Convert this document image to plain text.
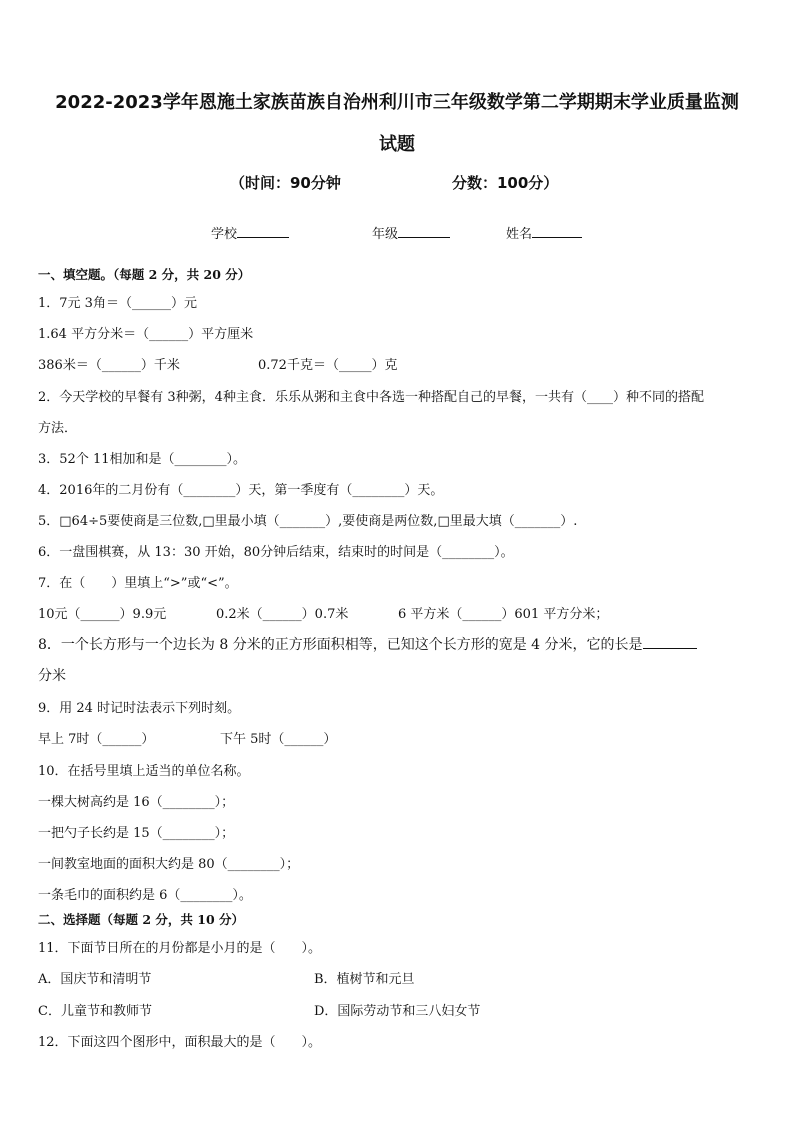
2022-2023学年恩施土家族苗族自治州利川市三年级数学第二学期期末学业质量监测
试题
（时间：90分钟	分数：100分）
学校	年级	姓名
一、填空题。（每题 2 分，共 20 分）
1．7元 3角＝（______）元
1.64 平方分米＝（______）平方厘米
386米＝（______）千米	0.72千克＝（_____）克
2．今天学校的早餐有 3种粥，4种主食．乐乐从粥和主食中各选一种搭配自己的早餐，一共有（____）种不同的搭配
方法．
3．52个 11相加和是（________）。
4．2016年的二月份有（________）天，第一季度有（________）天。
5．□64÷5要使商是三位数,□里最小填（_______）,要使商是两位数,□里最大填（_______）.
6．一盘围棋赛，从 13：30 开始，80分钟后结束，结束时的时间是（________）。
7．在（　　）里填上“>”或“<”。
10元（______）9.9元	0.2米（______）0.7米	6 平方米（______）601 平方分米；
8．一个长方形与一个边长为 8 分米的正方形面积相等，已知这个长方形的宽是 4 分米，它的长是
分米
9．用 24 时记时法表示下列时刻。
早上 7时（______）	下午 5时（______）
10．在括号里填上适当的单位名称。
一棵大树高约是 16（________）；
一把勺子长约是 15（________）；
一间教室地面的面积大约是 80（________）；
一条毛巾的面积约是 6（________）。
二、选择题（每题 2 分，共 10 分）
11．下面节日所在的月份都是小月的是（　　）。
A．国庆节和清明节	B．植树节和元旦
C．儿童节和教师节	D．国际劳动节和三八妇女节
12．下面这四个图形中，面积最大的是（　　）。
